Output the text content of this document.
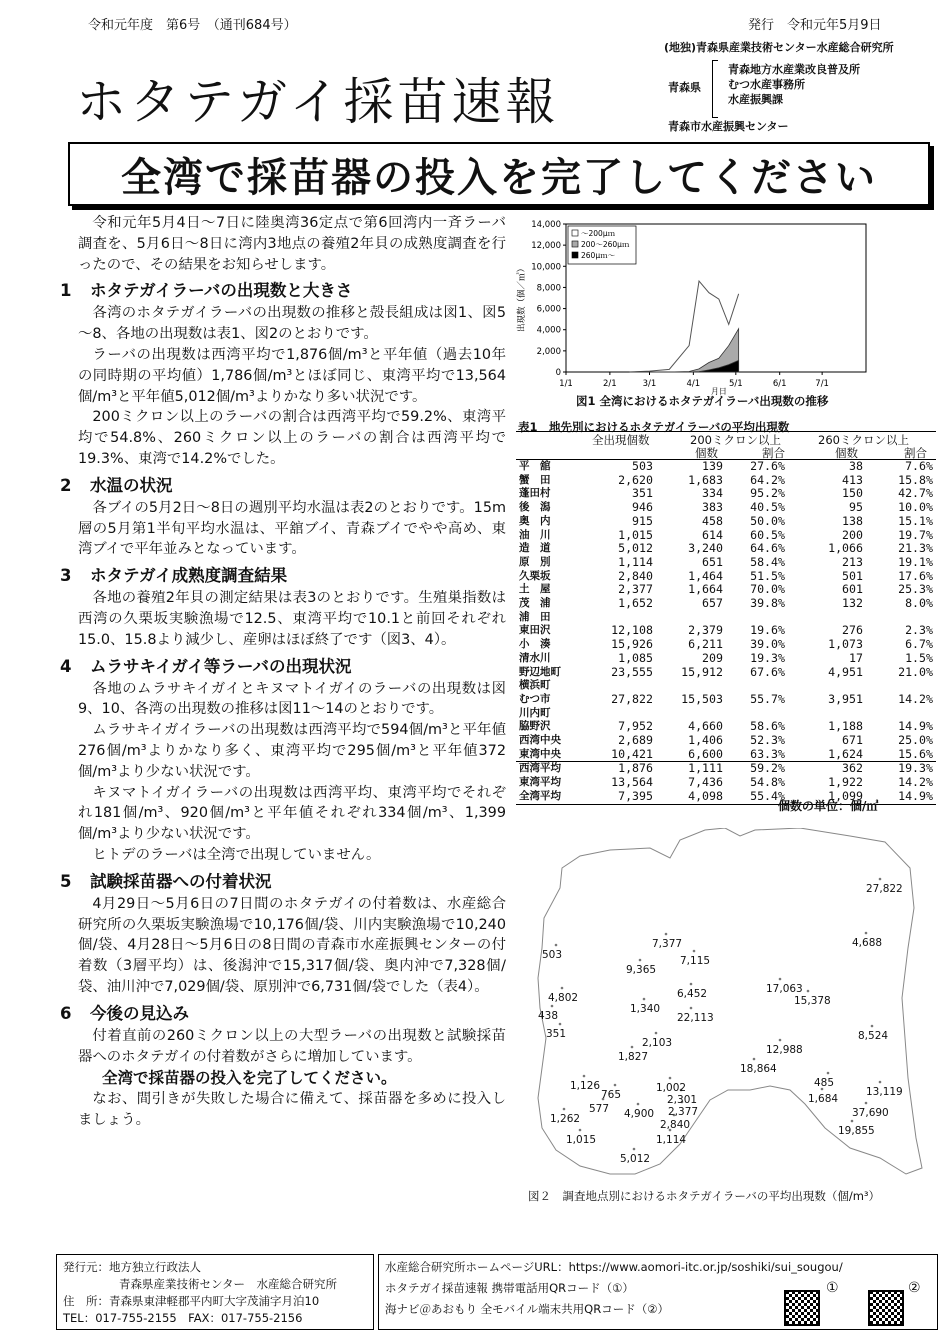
令和元年度　第6号　（通刊684号）	発行　令和元年5月9日
ホタテガイ採苗速報
(地独)青森県産業技術センター水産総合研究所
青森県
青森地方水産業改良普及所
むつ水産事務所
水産振興課
青森市水産振興センター
全湾で採苗器の投入を完了してください

令和元年5月4日～7日に陸奥湾36定点で第6回湾内一斉ラーバ調査を、5月6日～8日に湾内3地点の養殖2年貝の成熟度調査を行ったので、その結果をお知らせします。

1 ホタテガイラーバの出現数と大きさ

各湾のホタテガイラーバの出現数の推移と殻長組成は図1、図5～8、各地の出現数は表1、図2のとおりです。

ラーバの出現数は西湾平均で1,876個/m³と平年値（過去10年の同時期の平均値）1,786個/m³とほぼ同じ、東湾平均で13,564個/m³と平年値5,012個/m³よりかなり多い状況です。

200ミクロン以上のラーバの割合は西湾平均で59.2%、東湾平均で54.8%、260ミクロン以上のラーバの割合は西湾平均で19.3%、東湾で14.2%でした。

2 水温の状況

各ブイの5月2日～8日の週別平均水温は表2のとおりです。15m層の5月第1半旬平均水温は、平舘ブイ、青森ブイでやや高め、東湾ブイで平年並みとなっています。

3 ホタテガイ成熟度調査結果

各地の養殖2年貝の測定結果は表3のとおりです。生殖巣指数は西湾の久栗坂実験漁場で12.5、東湾平均で10.1と前回それぞれ15.0、15.8より減少し、産卵はほぼ終了です（図3、4）。

4 ムラサキイガイ等ラーバの出現状況

各地のムラサキイガイとキヌマトイガイのラーバの出現数は図9、10、各湾の出現数の推移は図11～14のとおりです。

ムラサキイガイラーバの出現数は西湾平均で594個/m³と平年値276個/m³よりかなり多く、東湾平均で295個/m³と平年値372個/m³より少ない状況です。

キヌマトイガイラーバの出現数は西湾平均、東湾平均でそれぞれ181個/m³、920個/m³と平年値それぞれ334個/m³、1,399個/m³より少ない状況です。

ヒトデのラーバは全湾で出現していません。

5 試験採苗器への付着状況

4月29日～5月6日の7日間のホタテガイの付着数は、水産総合研究所の久栗坂実験漁場で10,176個/袋、川内実験漁場で10,240個/袋、4月28日～5月6日の8日間の青森市水産振興センターの付着数（3層平均）は、後潟沖で15,317個/袋、奥内沖で7,328個/袋、油川沖で7,029個/袋、原別沖で6,731個/袋でした（表4）。

6 今後の見込み

付着直前の260ミクロン以上の大型ラーバの出現数と試験採苗器へのホタテガイの付着数がさらに増加しています。

全湾で採苗器の投入を完了してください。

なお、間引きが失敗した場合に備えて、採苗器を多めに投入しましょう。

0
2,000
4,000
6,000
8,000
10,000
12,000
14,000
1/1	2/1	3/1	4/1	5/1	6/1	7/1
月日
出現数（個／㎥）
～200μｍ
200～260μｍ
260μｍ～
図1 全湾におけるホタテガイラーバ出現数の推移
表1　地先別におけるホタテガイラーバの平均出現数
全出現個数	200ミクロン以上	260ミクロン以上
個数	割合	個数	割合
平　舘	503	139	27.6%	38	7.6%
蟹　田	2,620	1,683	64.2%	413	15.8%
蓬田村	351	334	95.2%	150	42.7%
後　潟	946	383	40.5%	95	10.0%
奥　内	915	458	50.0%	138	15.1%
油　川	1,015	614	60.5%	200	19.7%
造　道	5,012	3,240	64.6%	1,066	21.3%
原　別	1,114	651	58.4%	213	19.1%
久栗坂	2,840	1,464	51.5%	501	17.6%
土　屋	2,377	1,664	70.0%	601	25.3%
茂　浦	1,652	657	39.8%	132	8.0%
浦　田					
東田沢	12,108	2,379	19.6%	276	2.3%
小　湊	15,926	6,211	39.0%	1,073	6.7%
清水川	1,085	209	19.3%	17	1.5%
野辺地町	23,555	15,912	67.6%	4,951	21.0%
横浜町					
むつ市	27,822	15,503	55.7%	3,951	14.2%
川内町					
脇野沢	7,952	4,660	58.6%	1,188	14.9%
西湾中央	2,689	1,406	52.3%	671	25.0%
東湾中央	10,421	6,600	63.3%	1,624	15.6%
西湾平均	1,876	1,111	59.2%	362	19.3%
東湾平均	13,564	7,436	54.8%	1,922	14.2%
全湾平均	7,395	4,098	55.4%	1,099	14.9%
個数の単位：個/㎥
27,822
7,377	4,688
503	7,115
9,365
17,063
4,802	6,452
15,378
438
1,340
22,113
8,524
351
2,103
12,988
1,827
18,864
485
1,126	1,002	13,119
765	2,301	1,684
577 4,900 2,377	37,690
1,262	2,840	19,855
1,015	1,114
5,012
図２　調査地点別におけるホタテガイラーバの平均出現数（個/m³）
発行元：地方独立行政法人
青森県産業技術センター　水産総合研究所
住　所：青森県東津軽郡平内町大字茂浦字月泊10
TEL：017-755-2155　FAX：017-755-2156
水産総合研究所ホームページURL：https://www.aomori-itc.or.jp/soshiki/sui_sougou/
ホタテガイ採苗速報 携帯電話用QRコード（①）
海ナビ＠あおもり 全モバイル端末共用QRコード（②）
①	②
